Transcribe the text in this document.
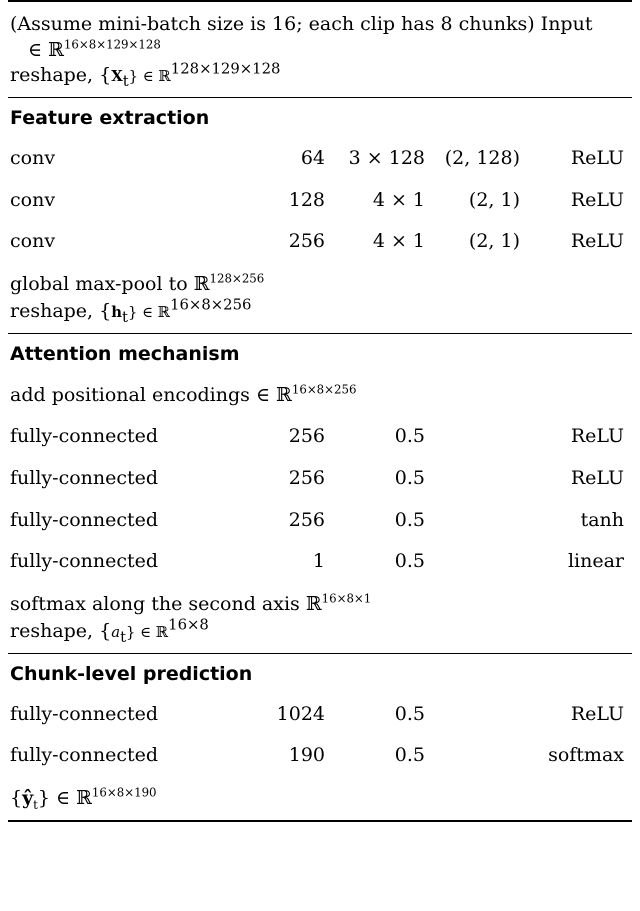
(Assume mini-batch size is 16; each clip has 8 chunks) Input
∈ ℝ$^{16\times 8\times 129\times 128}$
reshape, $\{X_t\}$ ∈ ℝ$^{128\times 129\times 128}$
Feature extraction
conv	64	3 × 128	(2, 128)	ReLU
conv	128	4 × 1	(2, 1)	ReLU
conv	256	4 × 1	(2, 1)	ReLU
global max-pool to ℝ$^{128\times 256}$
reshape, $\{h_t\}$ ∈ ℝ$^{16\times 8\times 256}$
Attention mechanism
add positional encodings ∈ ℝ$^{16\times 8\times 256}$
fully-connected	256	0.5	ReLU
fully-connected	256	0.5	ReLU
fully-connected	256	0.5	tanh
fully-connected	1	0.5	linear
softmax along the second axis ℝ$^{16\times 8\times 1}$
reshape, $\{a_t\}$ ∈ ℝ$^{16\times 8}$
Chunk-level prediction
fully-connected	1024	0.5	ReLU
fully-connected	190	0.5	softmax
$\{ŷ_t\}$ ∈ ℝ$^{16\times 8\times 190}$
